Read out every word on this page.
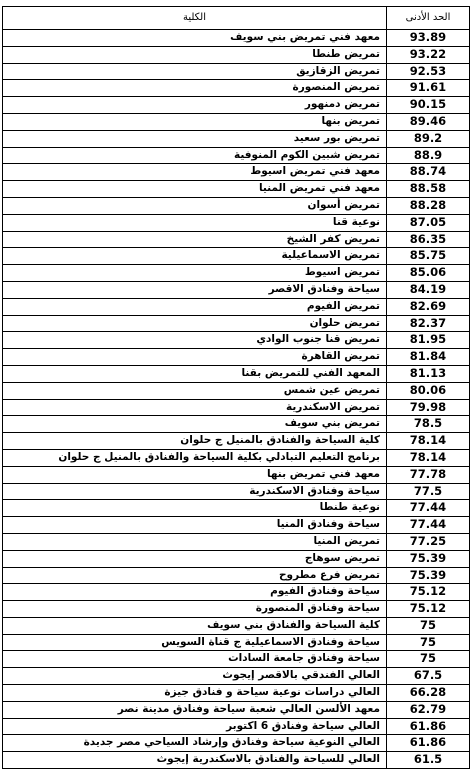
الكلية	الحد الأدنى
معهد فني تمريض بني سويف	93.89
تمريض طنطا	93.22
تمريض الزقازيق	92.53
تمريض المنصورة	91.61
تمريض دمنهور	90.15
تمريض بنها	89.46
تمريض بور سعيد	89.2
تمريض شبين الكوم المنوفية	88.9
معهد فني تمريض اسيوط	88.74
معهد فني تمريض المنيا	88.58
تمريض أسوان	88.28
نوعية قنا	87.05
تمريض كفر الشيخ	86.35
تمريض الاسماعيلية	85.75
تمريض اسيوط	85.06
سياحة وفنادق الاقصر	84.19
تمريض الفيوم	82.69
تمريض حلوان	82.37
تمريض قنا جنوب الوادي	81.95
تمريض القاهرة	81.84
المعهد الفني للتمريض بقنا	81.13
تمريض عين شمس	80.06
تمريض الاسكندرية	79.98
تمريض بني سويف	78.5
كلية السياحة والفنادق بالمنيل ج حلوان	78.14
برنامج التعليم التبادلي بكلية السياحة والفنادق بالمنيل ج حلوان	78.14
معهد فني تمريض بنها	77.78
سياحة وفنادق الاسكندرية	77.5
نوعية طنطا	77.44
سياحة وفنادق المنيا	77.44
تمريض المنيا	77.25
تمريض سوهاج	75.39
تمريض فرع مطروح	75.39
سياحة وفنادق الفيوم	75.12
سياحة وفنادق المنصورة	75.12
كلية السياحة والفنادق بني سويف	75
سياحة وفنادق الاسماعيلية ج قناة السويس	75
سياحة وفنادق جامعة السادات	75
العالي الفندقي بالاقصر إيجوث	67.5
العالي دراسات نوعية سياحة و فنادق جيزة	66.28
معهد الألسن العالي شعبة سياحة وفنادق مدينة نصر	62.79
العالي سياحة وفنادق 6 اكتوبر	61.86
العالي النوعية سياحة وفنادق وإرشاد السياحي مصر جديدة	61.86
العالي للسياحة والفنادق بالاسكندرية إيجوث	61.5
